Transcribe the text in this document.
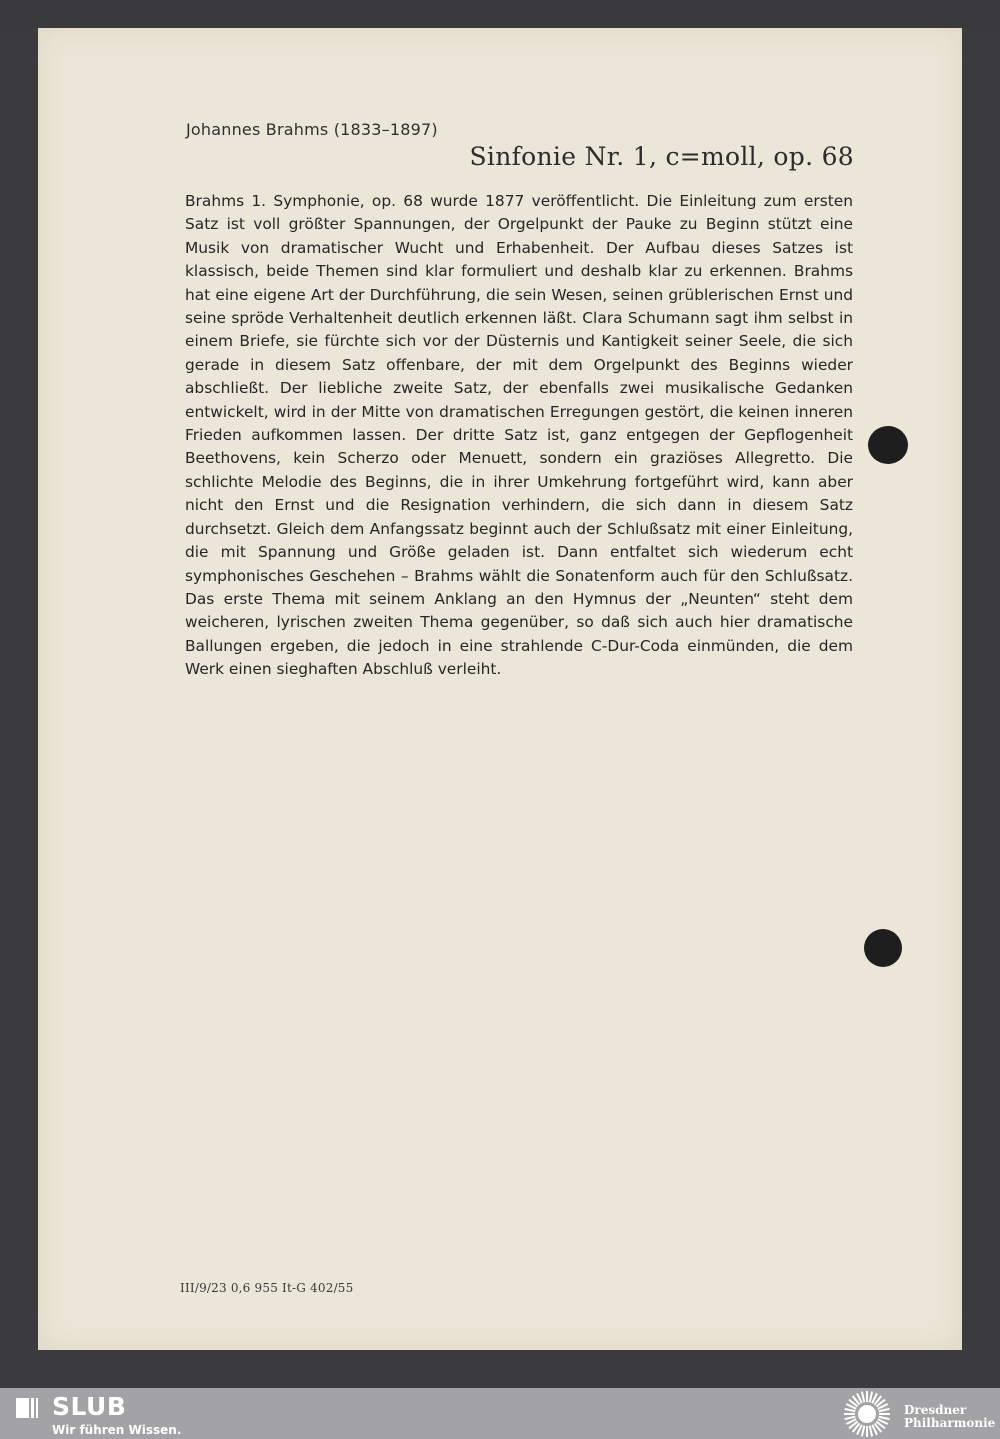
Johannes Brahms (1833–1897)
Sinfonie Nr. 1, c=moll, op. 68

Brahms 1. Symphonie, op. 68 wurde 1877 veröffentlicht. Die Einleitung zum ersten Satz ist voll größter Spannungen, der Orgelpunkt der Pauke zu Beginn stützt eine Musik von dramatischer Wucht und Erhabenheit. Der Aufbau dieses Satzes ist klassisch, beide Themen sind klar formuliert und deshalb klar zu erkennen. Brahms hat eine eigene Art der Durchführung, die sein Wesen, seinen grüblerischen Ernst und seine spröde Verhaltenheit deutlich erkennen läßt. Clara Schumann sagt ihm selbst in einem Briefe, sie fürchte sich vor der Düsternis und Kantigkeit seiner Seele, die sich gerade in diesem Satz offenbare, der mit dem Orgelpunkt des Beginns wieder abschließt. Der liebliche zweite Satz, der ebenfalls zwei musikalische Gedanken entwickelt, wird in der Mitte von dramatischen Erregungen gestört, die keinen inneren Frieden aufkommen lassen. Der dritte Satz ist, ganz entgegen der Gepflogenheit Beethovens, kein Scherzo oder Menuett, sondern ein graziöses Allegretto. Die schlichte Melodie des Beginns, die in ihrer Umkehrung fortgeführt wird, kann aber nicht den Ernst und die Resignation verhindern, die sich dann in diesem Satz durchsetzt. Gleich dem Anfangssatz beginnt auch der Schlußsatz mit einer Einleitung, die mit Spannung und Größe geladen ist. Dann entfaltet sich wiederum echt symphonisches Geschehen – Brahms wählt die Sonatenform auch für den Schlußsatz. Das erste Thema mit seinem Anklang an den Hymnus der „Neunten“ steht dem weicheren, lyrischen zweiten Thema gegenüber, so daß sich auch hier dramatische Ballungen ergeben, die jedoch in eine strahlende C-Dur-Coda einmünden, die dem Werk einen sieghaften Abschluß verleiht.

III/9/23 0,6 955 It-G 402/55
SLUB
Wir führen Wissen.
Dresdner
Philharmonie
